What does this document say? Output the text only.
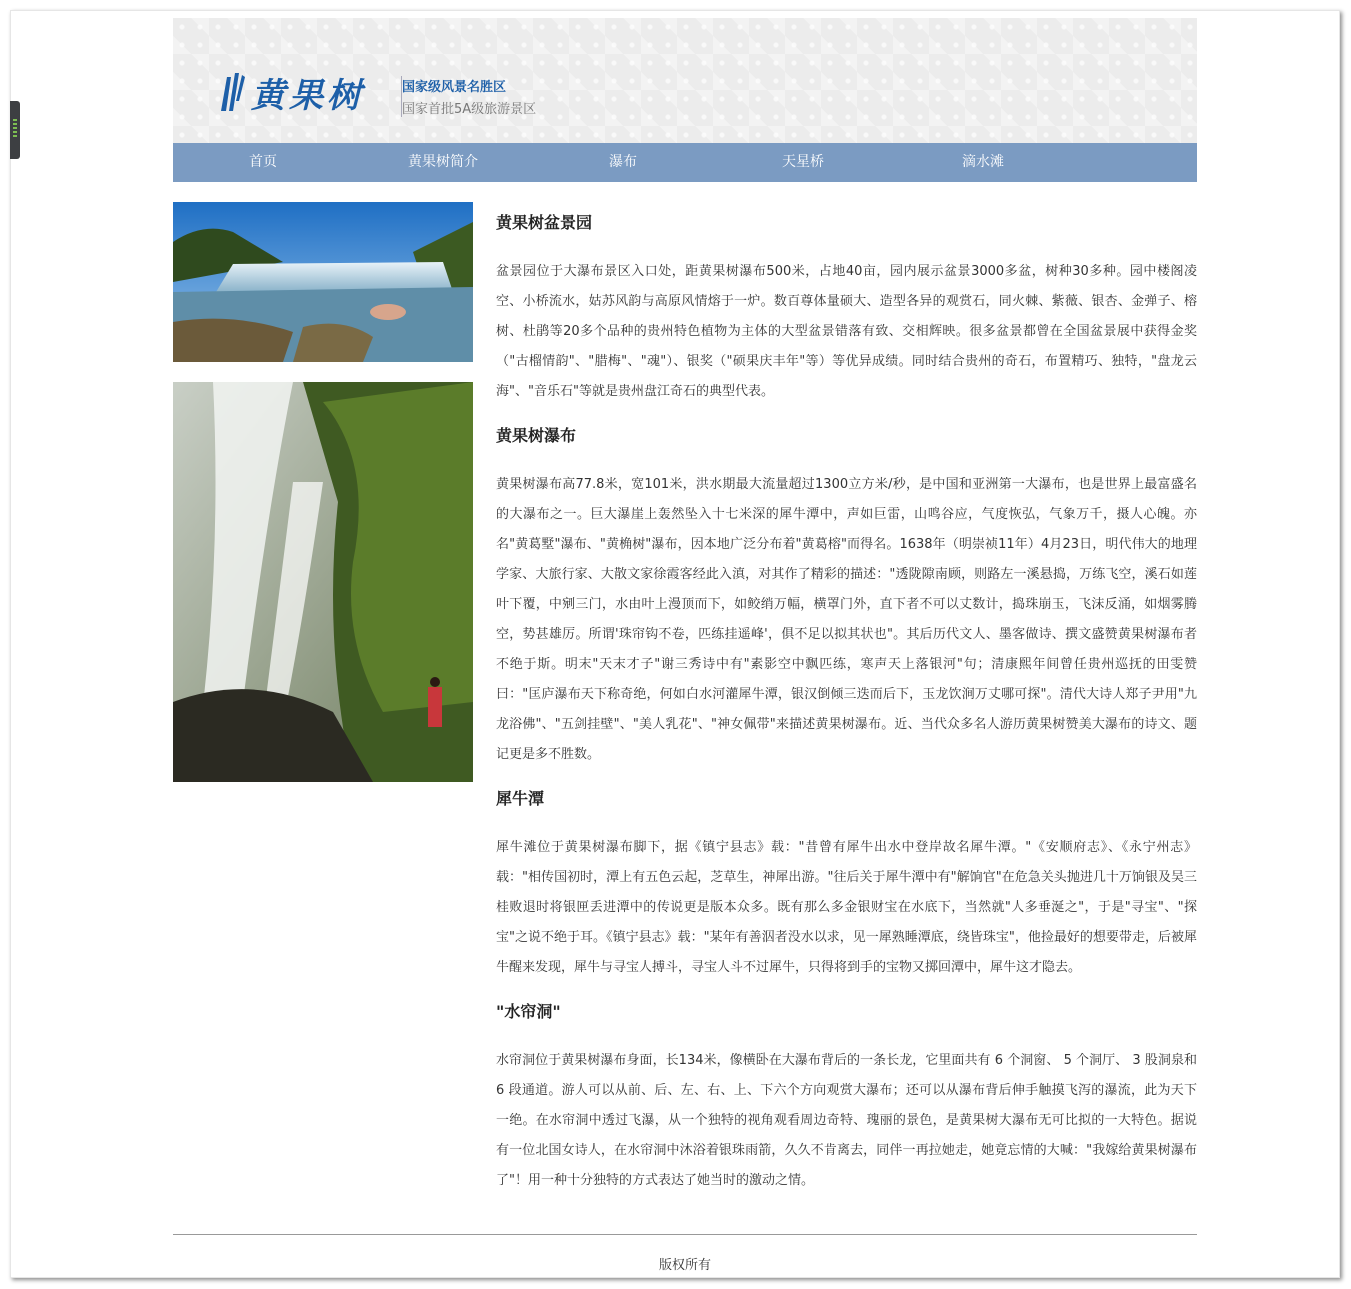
黄果树	国家级风景名胜区
国家首批5A级旅游景区
首页	黄果树简介	瀑布	天星桥	滴水滩
黄果树盆景园

盆景园位于大瀑布景区入口处，距黄果树瀑布500米，占地40亩，园内展示盆景3000多盆，树种30多种。园中楼阁凌空、小桥流水，姑苏风韵与高原风情熔于一炉。数百尊体量硕大、造型各异的观赏石，同火棘、紫薇、银杏、金弹子、榕树、杜鹃等20多个品种的贵州特色植物为主体的大型盆景错落有致、交相辉映。很多盆景都曾在全国盆景展中获得金奖（"古榴情韵"、"腊梅"、"魂"）、银奖（"硕果庆丰年"等）等优异成绩。同时结合贵州的奇石，布置精巧、独特，"盘龙云海"、"音乐石"等就是贵州盘江奇石的典型代表。

黄果树瀑布

黄果树瀑布高77.8米，宽101米，洪水期最大流量超过1300立方米/秒，是中国和亚洲第一大瀑布，也是世界上最富盛名的大瀑布之一。巨大瀑崖上轰然坠入十七米深的犀牛潭中，声如巨雷，山鸣谷应，气度恢弘，气象万千，摄人心魄。亦名"黄葛墅"瀑布、"黄桷树"瀑布，因本地广泛分布着"黄葛榕"而得名。1638年（明崇祯11年）4月23日，明代伟大的地理学家、大旅行家、大散文家徐霞客经此入滇，对其作了精彩的描述："透陇隙南顾，则路左一溪悬捣，万练飞空，溪石如莲叶下覆，中剜三门，水由叶上漫顶而下，如鲛绡万幅，横罩门外，直下者不可以丈数计，捣珠崩玉，飞沫反涌，如烟雾腾空，势甚雄厉。所谓'珠帘钩不卷，匹练挂遥峰'，俱不足以拟其状也"。其后历代文人、墨客做诗、撰文盛赞黄果树瀑布者不绝于斯。明末"天末才子"谢三秀诗中有"素影空中飘匹练，寒声天上落银河"句；清康熙年间曾任贵州巡抚的田雯赞曰："匡庐瀑布天下称奇绝，何如白水河灌犀牛潭，银汉倒倾三迭而后下，玉龙饮涧万丈哪可探"。清代大诗人郑子尹用"九龙浴佛"、"五剑挂壁"、"美人乳花"、"神女佩带"来描述黄果树瀑布。近、当代众多名人游历黄果树赞美大瀑布的诗文、题记更是多不胜数。

犀牛潭

犀牛滩位于黄果树瀑布脚下，据《镇宁县志》载："昔曾有犀牛出水中登岸故名犀牛潭。"《安顺府志》、《永宁州志》载："相传国初时，潭上有五色云起，芝草生，神犀出游。"往后关于犀牛潭中有"解饷官"在危急关头抛进几十万饷银及吴三桂败退时将银匣丢进潭中的传说更是版本众多。既有那么多金银财宝在水底下，当然就"人多垂涎之"，于是"寻宝"、"探宝"之说不绝于耳。《镇宁县志》载："某年有善泅者没水以求，见一犀熟睡潭底，绕皆珠宝"，他捡最好的想要带走，后被犀牛醒来发现，犀牛与寻宝人搏斗，寻宝人斗不过犀牛，只得将到手的宝物又掷回潭中，犀牛这才隐去。

"水帘洞"

水帘洞位于黄果树瀑布身面，长134米，像横卧在大瀑布背后的一条长龙，它里面共有 6 个洞窗、 5 个洞厅、 3 股洞泉和 6 段通道。游人可以从前、后、左、右、上、下六个方向观赏大瀑布；还可以从瀑布背后伸手触摸飞泻的瀑流，此为天下一绝。在水帘洞中透过飞瀑，从一个独特的视角观看周边奇特、瑰丽的景色，是黄果树大瀑布无可比拟的一大特色。据说有一位北国女诗人，在水帘洞中沐浴着银珠雨箭，久久不肯离去，同伴一再拉她走，她竟忘情的大喊："我嫁给黄果树瀑布了"！用一种十分独特的方式表达了她当时的激动之情。

版权所有
